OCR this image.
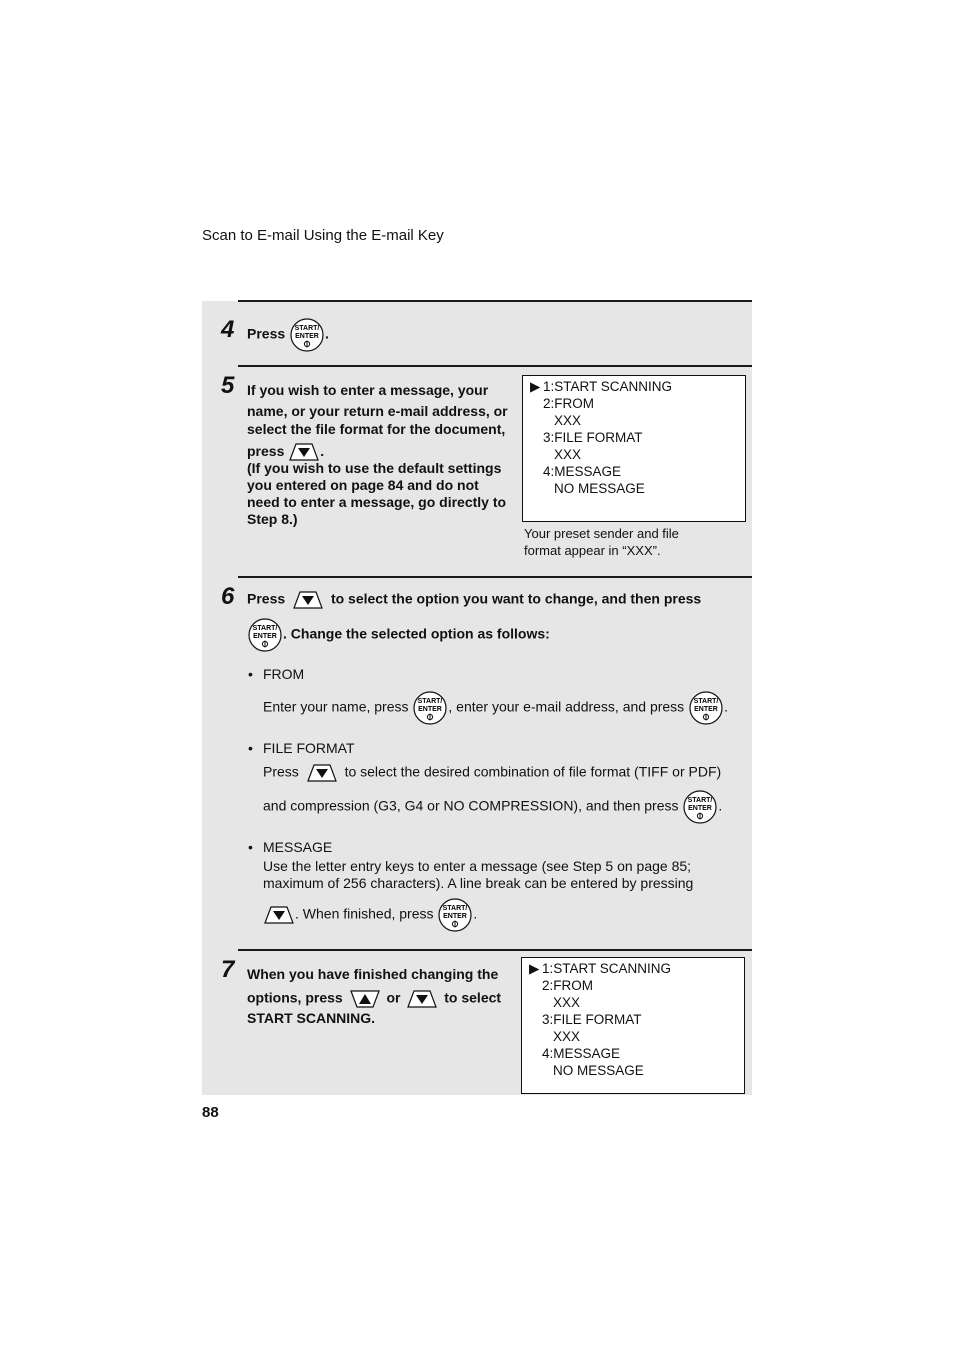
Scan to E-mail Using the E-mail Key
4 Press	.
5 If you wish to enter a message, your
name, or your return e-mail address, or
select the file format for the document,
press	.
(If you wish to use the default settings
you entered on page 84 and do not
need to enter a message, go directly to
Step 8.)
▶ 1:START SCANNING
2:FROM
XXX
3:FILE FORMAT
XXX
4:MESSAGE
NO MESSAGE
Your preset sender and file
format appear in “XXX”.
6 Press	to select the option you want to change, and then press
. Change the selected option as follows:
• FROM
Enter your name, press	, enter your e-mail address, and press	.
• FILE FORMAT
Press	to select the desired combination of file format (TIFF or PDF)
and compression (G3, G4 or NO COMPRESSION), and then press	.
• MESSAGE
Use the letter entry keys to enter a message (see Step 5 on page 85;
maximum of 256 characters). A line break can be entered by pressing
. When finished, press	.
7 When you have finished changing the
options, press	or	to select
START SCANNING.
▶ 1:START SCANNING
2:FROM
XXX
3:FILE FORMAT
XXX
4:MESSAGE
NO MESSAGE
88
